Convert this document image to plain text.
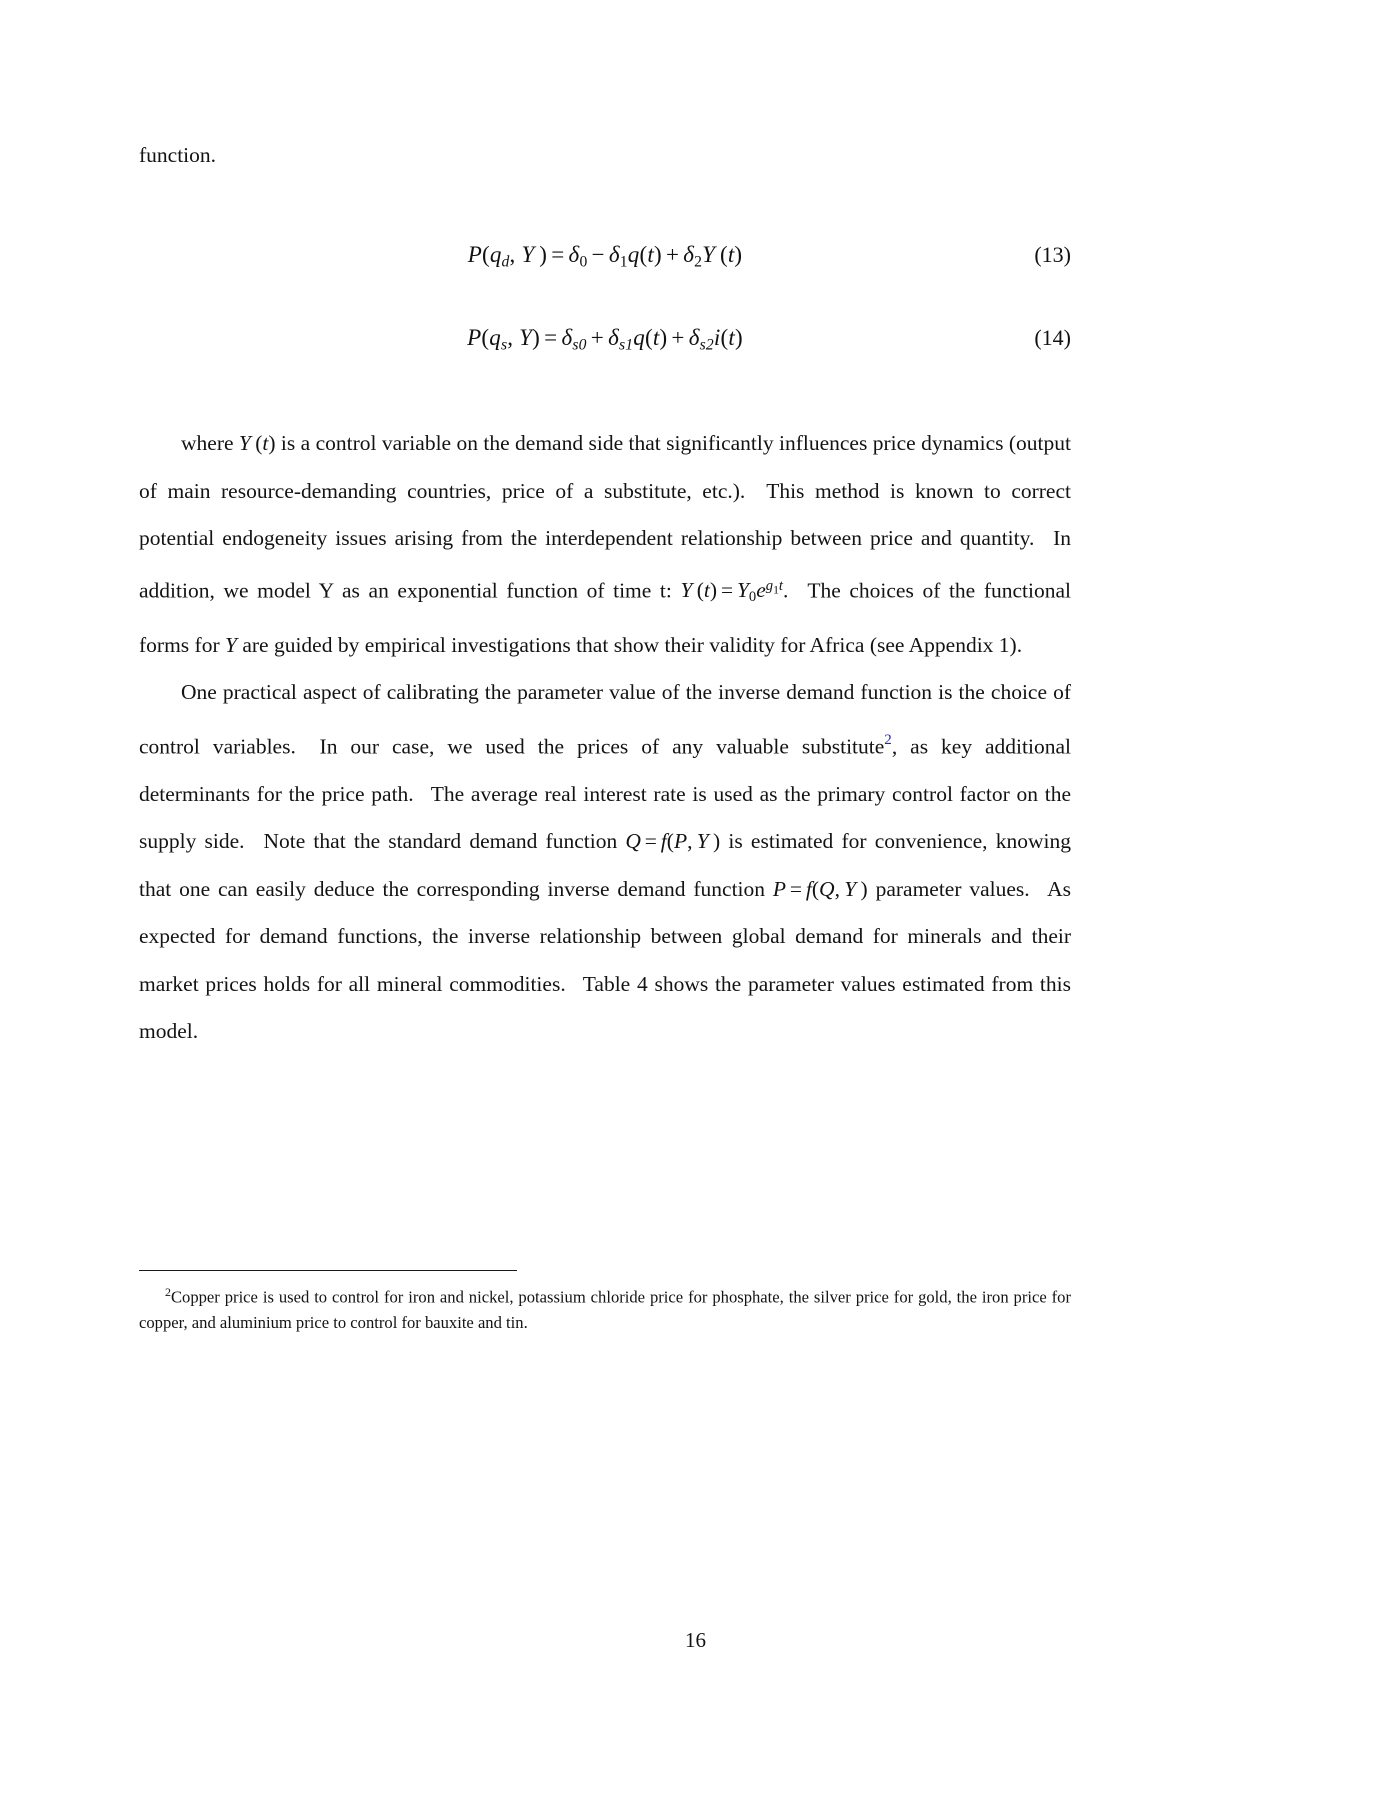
function.

$P(q_d$, Y ) = $\delta_0 - \delta_1q(t) + \delta_2Y$ (t)	(13)
$P(q_s$, $Y) = \delta_{s0} + \delta_{s1}q(t) + \delta_{s2}i(t)$	(14)

where Y (t) is a control variable on the demand side that significantly influences price dynamics (output of main resource-demanding countries, price of a substitute, etc.).  This method is known to correct potential endogeneity issues arising from the interdependent relationship between price and quantity.  In addition, we model Y as an exponential function of time t: Y $(t) = Y_0e^{g_1t}$.  The choices of the functional forms for Y are guided by empirical investigations that show their validity for Africa (see Appendix 1).

One practical aspect of calibrating the parameter value of the inverse demand function is the choice of control variables.  In our case, we used the prices of any valuable substitute$^2$, as key additional determinants for the price path.  The average real interest rate is used as the primary control factor on the supply side.  Note that the standard demand function Q = f(P, Y ) is estimated for convenience, knowing that one can easily deduce the corresponding inverse demand function P = f(Q, Y ) parameter values.  As expected for demand functions, the inverse relationship between global demand for minerals and their market prices holds for all mineral commodities.  Table 4 shows the parameter values estimated from this model.

$^2$Copper price is used to control for iron and nickel, potassium chloride price for phosphate, the silver price for gold, the iron price for copper, and aluminium price to control for bauxite and tin.

16
